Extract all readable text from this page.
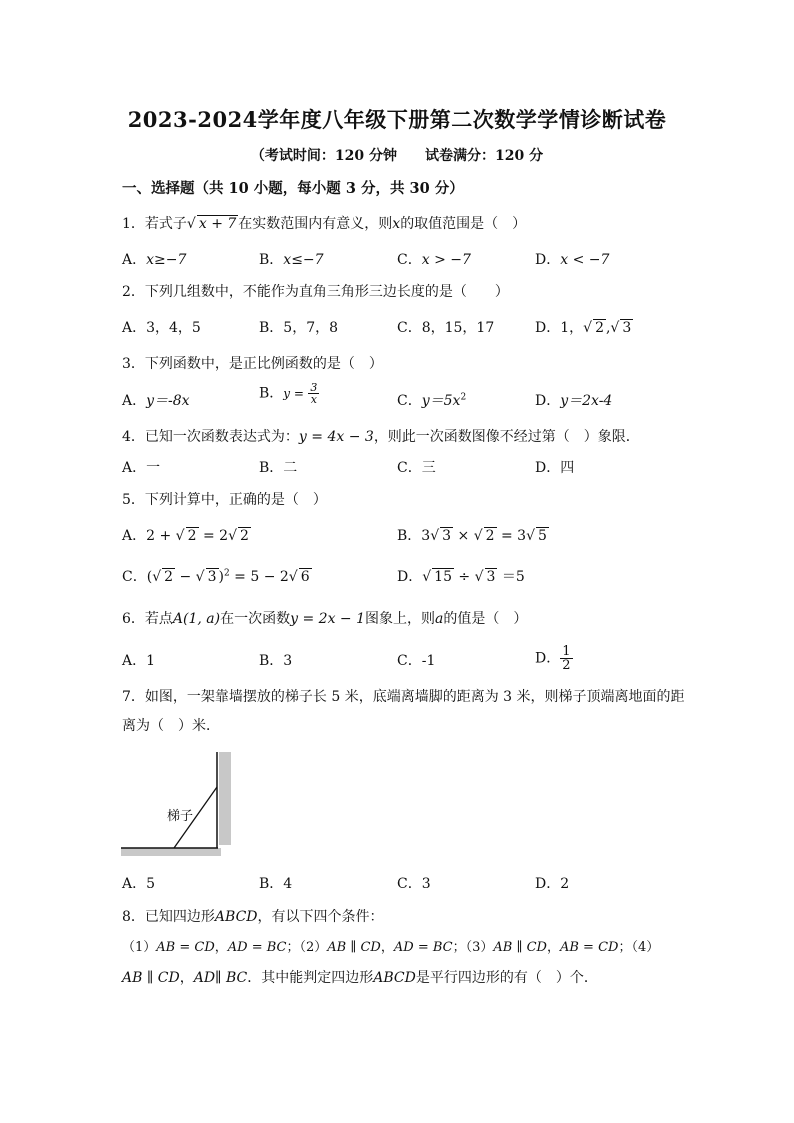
2023-2024学年度八年级下册第二次数学学情诊断试卷
（考试时间：120 分钟 试卷满分：120 分
一、选择题（共 10 小题，每小题 3 分，共 30 分）
1．若式子√ x + 7 在实数范围内有意义，则x的取值范围是（　）
A．x≥−7	B．x≤−7	C．x > −7	D．x < −7
2．下列几组数中，不能作为直角三角形三边长度的是（　　）
A．3，4，5	B．5，7，8	C．8，15，17	D．1，√ 2 ,√ 3
3．下列函数中，是正比例函数的是（　）
A．y＝-8x	B．$y = \frac{3}{x}$	C．$y=5x^2$	D．y＝2x-4
4．已知一次函数表达式为：y = 4x − 3，则此一次函数图像不经过第（　）象限．
A．一	B．二	C．三	D．四
5．下列计算中，正确的是（　）
A．2 + √ 2 = 2√ 2	B．3√ 3 × √ 2 = 3√ 5
C．(√ 2 − √ 3 )$^2$ = 5 − 2√ 6	D．√ 15 ÷ √ 3 ＝5
6．若点A(1, a)在一次函数y = 2x − 1图象上，则a的值是（　）
A．1	B．3	C．-1	D． $\frac{1}{2}$
7．如图，一架靠墙摆放的梯子长 5 米，底端离墙脚的距离为 3 米，则梯子顶端离地面的距
离为（　）米．
梯子
A．5	B．4	C．3	D．2
8．已知四边形ABCD，有以下四个条件：
（1）AB = CD，AD = BC；（2）AB ∥ CD，AD = BC；（3）AB ∥ CD，AB = CD；（4）
AB ∥ CD，AD∥ BC．其中能判定四边形ABCD是平行四边形的有（　）个．
